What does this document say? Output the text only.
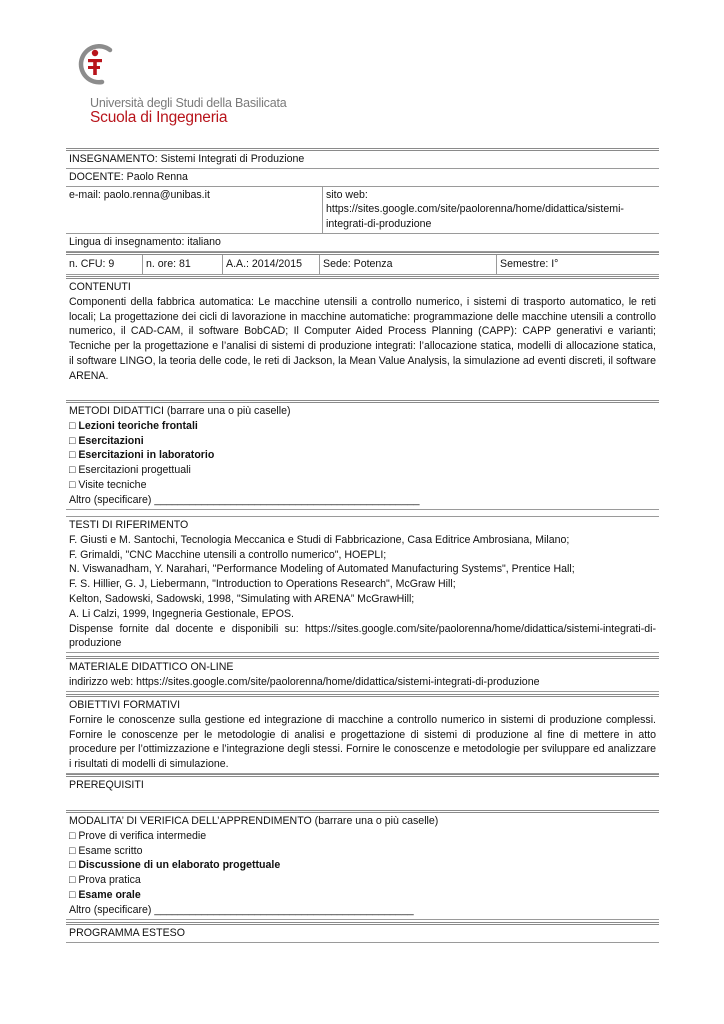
Università degli Studi della Basilicata
Scuola di Ingegneria
INSEGNAMENTO: Sistemi Integrati di Produzione
DOCENTE: Paolo Renna
e-mail: paolo.renna@unibas.it	sito web:
https://sites.google.com/site/paolorenna/home/didattica/sistemi-
integrati-di-produzione
Lingua di insegnamento: italiano
n. CFU: 9	n. ore: 81	A.A.: 2014/2015	Sede: Potenza	Semestre: I°
CONTENUTI
Componenti della fabbrica automatica: Le macchine utensili a controllo numerico, i sistemi di trasporto automatico, le reti locali; La progettazione dei cicli di lavorazione in macchine automatiche: programmazione delle macchine utensili a controllo numerico, il CAD-CAM, il software BobCAD; Il Computer Aided Process Planning (CAPP): CAPP generativi e varianti; Tecniche per la progettazione e l’analisi di sistemi di produzione integrati: l’allocazione statica, modelli di allocazione statica, il software LINGO, la teoria delle code, le reti di Jackson, la Mean Value Analysis, la simulazione ad eventi discreti, il software ARENA.
METODI DIDATTICI (barrare una o più caselle)
□ Lezioni teoriche frontali
□ Esercitazioni
□ Esercitazioni in laboratorio
□ Esercitazioni progettuali
□ Visite tecniche
Altro (specificare) _____________________________________________
TESTI DI RIFERIMENTO
F. Giusti e M. Santochi, Tecnologia Meccanica e Studi di Fabbricazione, Casa Editrice Ambrosiana, Milano;
F. Grimaldi, "CNC Macchine utensili a controllo numerico", HOEPLI;
N. Viswanadham, Y. Narahari, "Performance Modeling of Automated Manufacturing Systems", Prentice Hall;
F. S. Hillier, G. J, Liebermann, "Introduction to Operations Research", McGraw Hill;
Kelton, Sadowski, Sadowski, 1998, "Simulating with ARENA” McGrawHill;
A. Li Calzi, 1999, Ingegneria Gestionale, EPOS.
Dispense fornite dal docente e disponibili su: https://sites.google.com/site/paolorenna/home/didattica/sistemi-integrati-di-produzione
MATERIALE DIDATTICO ON-LINE
indirizzo web: https://sites.google.com/site/paolorenna/home/didattica/sistemi-integrati-di-produzione
OBIETTIVI FORMATIVI
Fornire le conoscenze sulla gestione ed integrazione di macchine a controllo numerico in sistemi di produzione complessi. Fornire le conoscenze per le metodologie di analisi e progettazione di sistemi di produzione al fine di mettere in atto procedure per l’ottimizzazione e l’integrazione degli stessi. Fornire le conoscenze e metodologie per sviluppare ed analizzare i risultati di modelli di simulazione.
PREREQUISITI
MODALITA’ DI VERIFICA DELL’APPRENDIMENTO (barrare una o più caselle)
□ Prove di verifica intermedie
□ Esame scritto
□ Discussione di un elaborato progettuale
□ Prova pratica
□ Esame orale
Altro (specificare) ____________________________________________
PROGRAMMA ESTESO
